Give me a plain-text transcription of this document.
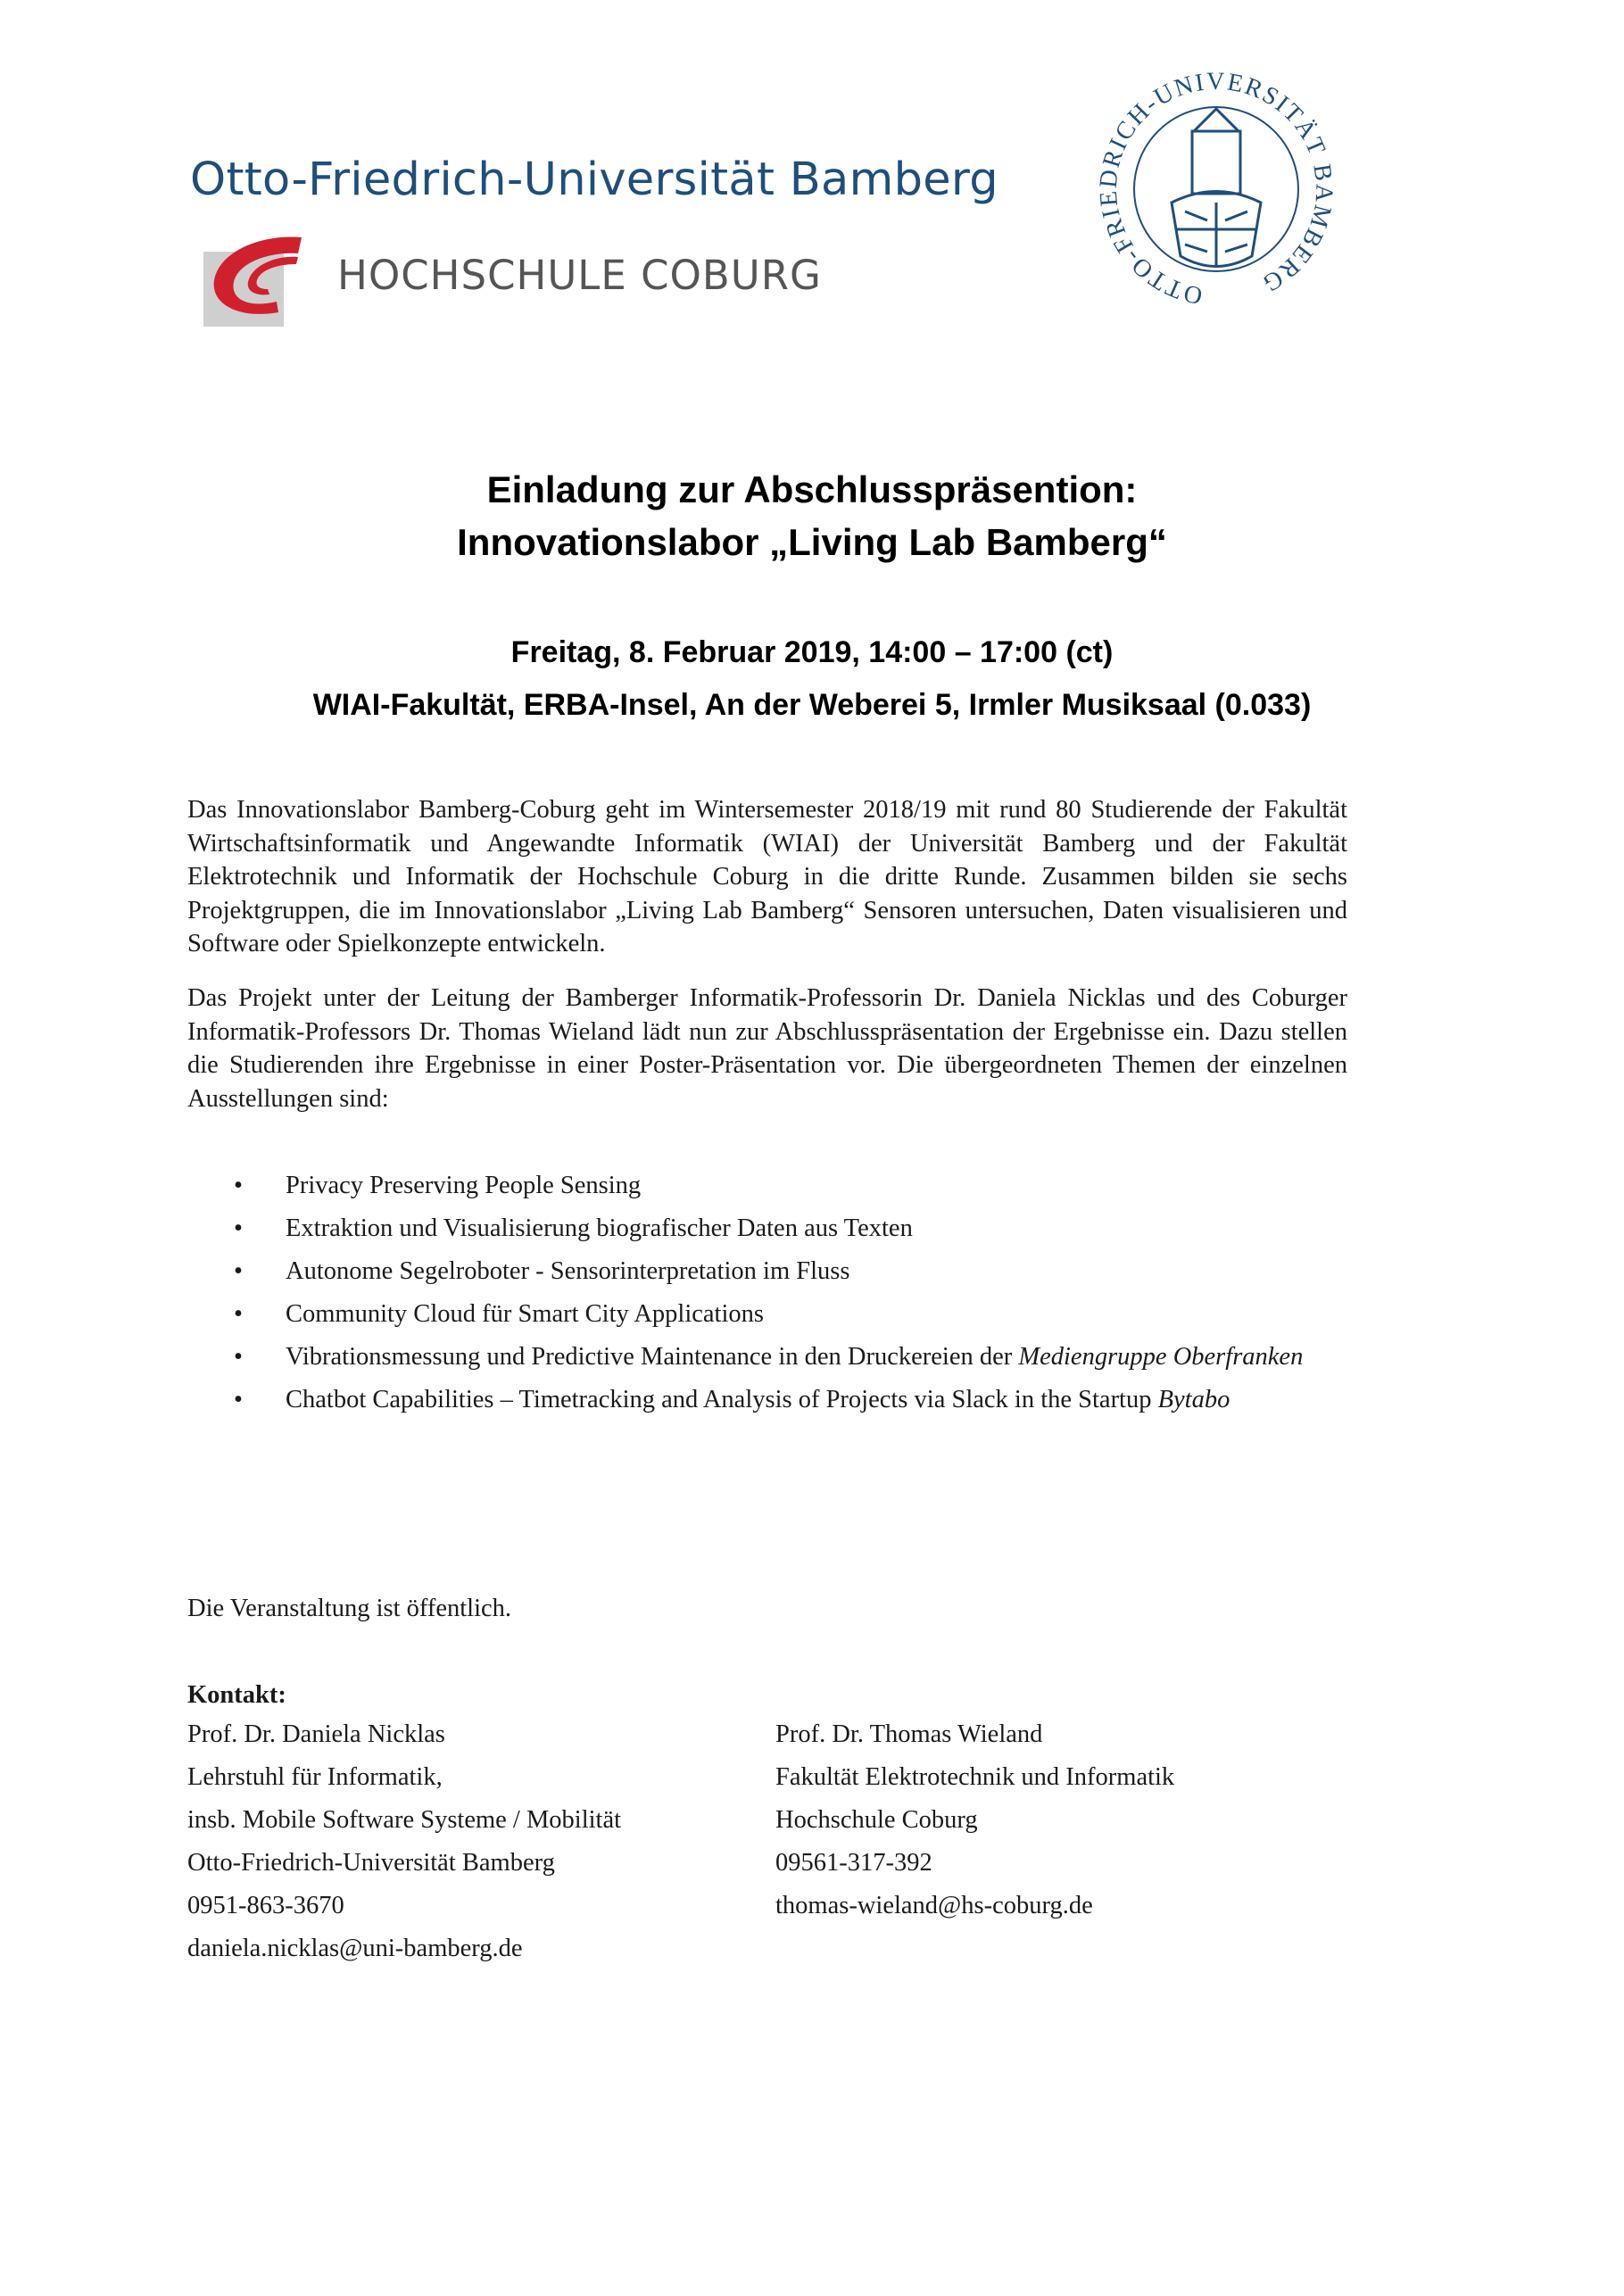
Otto-Friedrich-Universität Bamberg
HOCHSCHULE COBURG	OTTO-FRIEDRICH-UNIVERSITÄT BAMBERG
Einladung zur Abschlusspräsention:
Innovationslabor „Living Lab Bamberg“
Freitag, 8. Februar 2019, 14:00 – 17:00 (ct)
WIAI-Fakultät, ERBA-Insel, An der Weberei 5, Irmler Musiksaal (0.033)

Das Innovationslabor Bamberg-Coburg geht im Wintersemester 2018/19 mit rund 80 Studierende der Fakultät Wirtschaftsinformatik und Angewandte Informatik (WIAI) der Universität Bamberg und der Fakultät Elektrotechnik und Informatik der Hochschule Coburg in die dritte Runde. Zusammen bilden sie sechs Projektgruppen, die im Innovationslabor „Living Lab Bamberg“ Sensoren untersuchen, Daten visualisieren und Software oder Spielkonzepte entwickeln.

Das Projekt unter der Leitung der Bamberger Informatik-Professorin Dr. Daniela Nicklas und des Coburger Informatik-Professors Dr. Thomas Wieland lädt nun zur Abschlusspräsentation der Ergebnisse ein. Dazu stellen die Studierenden ihre Ergebnisse in einer Poster-Präsentation vor. Die übergeordneten Themen der einzelnen Ausstellungen sind:

• Privacy Preserving People Sensing
• Extraktion und Visualisierung biografischer Daten aus Texten
• Autonome Segelroboter - Sensorinterpretation im Fluss
• Community Cloud für Smart City Applications
• Vibrationsmessung und Predictive Maintenance in den Druckereien der Mediengruppe Oberfranken
• Chatbot Capabilities – Timetracking and Analysis of Projects via Slack in the Startup Bytabo
Die Veranstaltung ist öffentlich.
Kontakt:
Prof. Dr. Daniela Nicklas
Lehrstuhl für Informatik,
insb. Mobile Software Systeme / Mobilität
Otto-Friedrich-Universität Bamberg
0951-863-3670
daniela.nicklas@uni-bamberg.de
Prof. Dr. Thomas Wieland
Fakultät Elektrotechnik und Informatik
Hochschule Coburg
09561-317-392
thomas-wieland@hs-coburg.de
